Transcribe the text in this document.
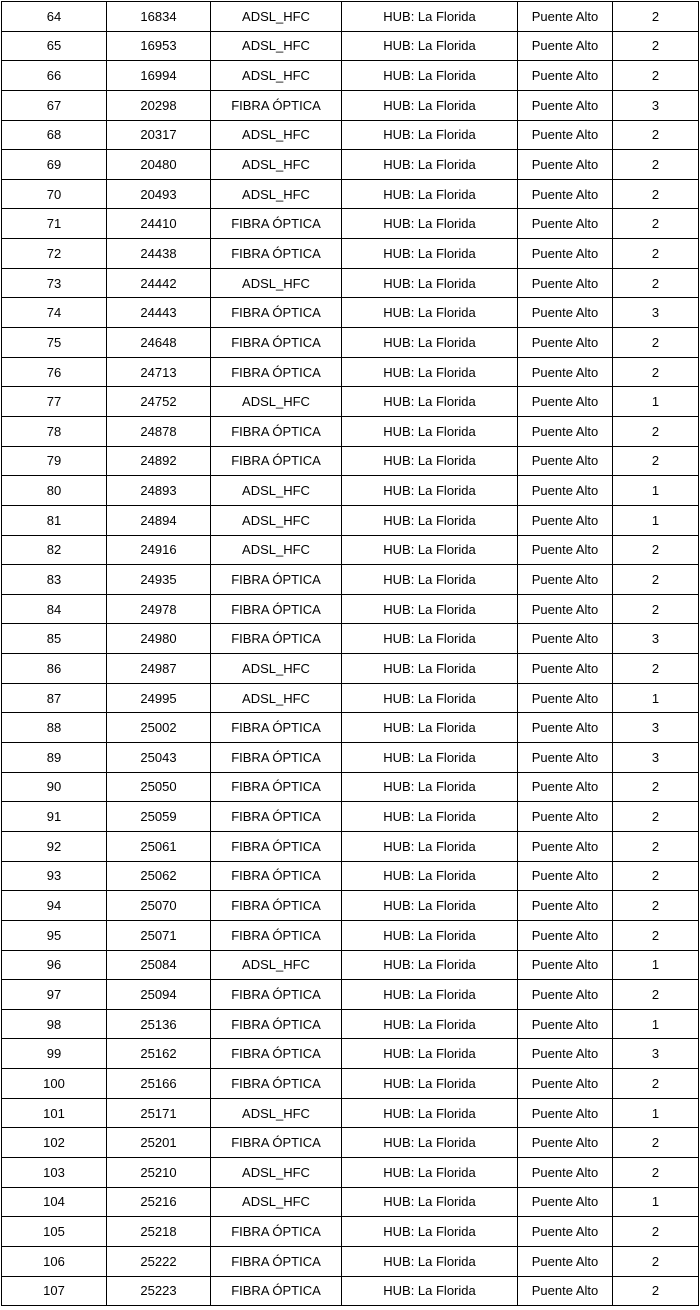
64	16834	ADSL_HFC	HUB: La Florida	Puente Alto	2
65	16953	ADSL_HFC	HUB: La Florida	Puente Alto	2
66	16994	ADSL_HFC	HUB: La Florida	Puente Alto	2
67	20298	FIBRA ÓPTICA	HUB: La Florida	Puente Alto	3
68	20317	ADSL_HFC	HUB: La Florida	Puente Alto	2
69	20480	ADSL_HFC	HUB: La Florida	Puente Alto	2
70	20493	ADSL_HFC	HUB: La Florida	Puente Alto	2
71	24410	FIBRA ÓPTICA	HUB: La Florida	Puente Alto	2
72	24438	FIBRA ÓPTICA	HUB: La Florida	Puente Alto	2
73	24442	ADSL_HFC	HUB: La Florida	Puente Alto	2
74	24443	FIBRA ÓPTICA	HUB: La Florida	Puente Alto	3
75	24648	FIBRA ÓPTICA	HUB: La Florida	Puente Alto	2
76	24713	FIBRA ÓPTICA	HUB: La Florida	Puente Alto	2
77	24752	ADSL_HFC	HUB: La Florida	Puente Alto	1
78	24878	FIBRA ÓPTICA	HUB: La Florida	Puente Alto	2
79	24892	FIBRA ÓPTICA	HUB: La Florida	Puente Alto	2
80	24893	ADSL_HFC	HUB: La Florida	Puente Alto	1
81	24894	ADSL_HFC	HUB: La Florida	Puente Alto	1
82	24916	ADSL_HFC	HUB: La Florida	Puente Alto	2
83	24935	FIBRA ÓPTICA	HUB: La Florida	Puente Alto	2
84	24978	FIBRA ÓPTICA	HUB: La Florida	Puente Alto	2
85	24980	FIBRA ÓPTICA	HUB: La Florida	Puente Alto	3
86	24987	ADSL_HFC	HUB: La Florida	Puente Alto	2
87	24995	ADSL_HFC	HUB: La Florida	Puente Alto	1
88	25002	FIBRA ÓPTICA	HUB: La Florida	Puente Alto	3
89	25043	FIBRA ÓPTICA	HUB: La Florida	Puente Alto	3
90	25050	FIBRA ÓPTICA	HUB: La Florida	Puente Alto	2
91	25059	FIBRA ÓPTICA	HUB: La Florida	Puente Alto	2
92	25061	FIBRA ÓPTICA	HUB: La Florida	Puente Alto	2
93	25062	FIBRA ÓPTICA	HUB: La Florida	Puente Alto	2
94	25070	FIBRA ÓPTICA	HUB: La Florida	Puente Alto	2
95	25071	FIBRA ÓPTICA	HUB: La Florida	Puente Alto	2
96	25084	ADSL_HFC	HUB: La Florida	Puente Alto	1
97	25094	FIBRA ÓPTICA	HUB: La Florida	Puente Alto	2
98	25136	FIBRA ÓPTICA	HUB: La Florida	Puente Alto	1
99	25162	FIBRA ÓPTICA	HUB: La Florida	Puente Alto	3
100	25166	FIBRA ÓPTICA	HUB: La Florida	Puente Alto	2
101	25171	ADSL_HFC	HUB: La Florida	Puente Alto	1
102	25201	FIBRA ÓPTICA	HUB: La Florida	Puente Alto	2
103	25210	ADSL_HFC	HUB: La Florida	Puente Alto	2
104	25216	ADSL_HFC	HUB: La Florida	Puente Alto	1
105	25218	FIBRA ÓPTICA	HUB: La Florida	Puente Alto	2
106	25222	FIBRA ÓPTICA	HUB: La Florida	Puente Alto	2
107	25223	FIBRA ÓPTICA	HUB: La Florida	Puente Alto	2
